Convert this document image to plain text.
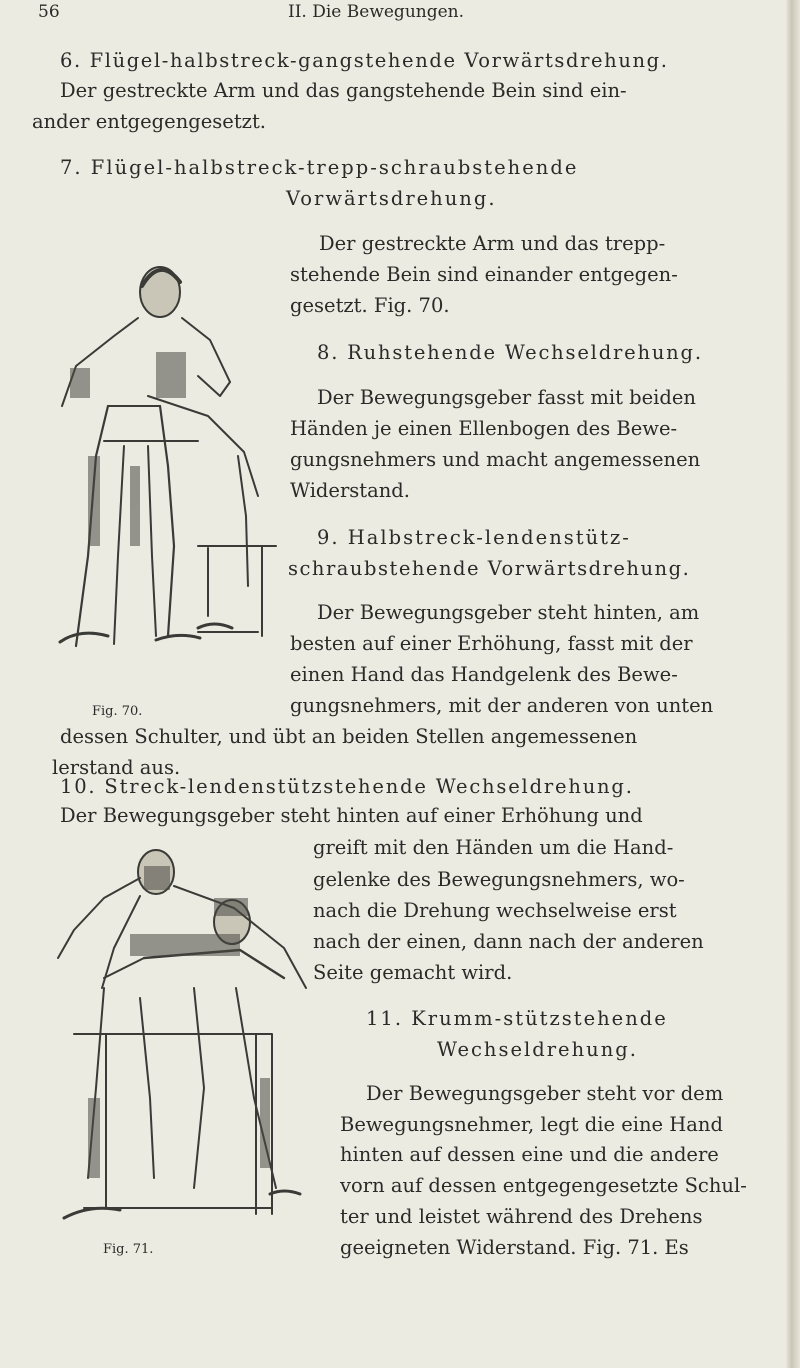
56	II. Die Bewegungen.
6. Flügel-halbstreck-gangstehende Vorwärtsdrehung.
Der gestreckte Arm und das gangstehende Bein sind ein-
ander entgegengesetzt.
7. Flügel-halbstreck-trepp-schraubstehende
Vorwärtsdrehung.
Der gestreckte Arm und das trepp-
stehende Bein sind einander entgegen-
gesetzt. Fig. 70.
8. Ruhstehende Wechseldrehung.
Der Bewegungsgeber fasst mit beiden
Händen je einen Ellenbogen des Bewe-
gungsnehmers und macht angemessenen
Widerstand.
9. Halbstreck-lendenstütz-
schraubstehende Vorwärtsdrehung.
Der Bewegungsgeber steht hinten, am
besten auf einer Erhöhung, fasst mit der
einen Hand das Handgelenk des Bewe-
gungsnehmers, mit der anderen von unten
dessen Schulter, und übt an beiden Stellen angemessenen
lerstand aus.
Fig. 70.
10. Streck-lendenstützstehende Wechseldrehung.
Der Bewegungsgeber steht hinten auf einer Erhöhung und
greift mit den Händen um die Hand-
gelenke des Bewegungsnehmers, wo-
nach die Drehung wechselweise erst
nach der einen, dann nach der anderen
Seite gemacht wird.
11. Krumm-stützstehende
Wechseldrehung.
Der Bewegungsgeber steht vor dem
Bewegungsnehmer, legt die eine Hand
hinten auf dessen eine und die andere
vorn auf dessen entgegengesetzte Schul-
ter und leistet während des Drehens
geeigneten Widerstand. Fig. 71. Es
Fig. 71.
